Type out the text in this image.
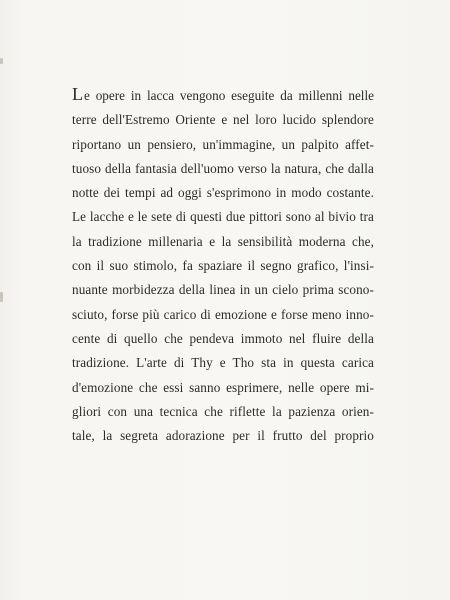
L e opere in lacca vengono eseguite da millenni nelle
terre dell'Estremo Oriente e nel loro lucido splendore
riportano un pensiero, un'immagine, un palpito affet-
tuoso della fantasia dell'uomo verso la natura, che dalla
notte dei tempi ad oggi s'esprimono in modo costante.
Le lacche e le sete di questi due pittori sono al bivio tra
la tradizione millenaria e la sensibilità moderna che,
con il suo stimolo, fa spaziare il segno grafico, l'insi-
nuante morbidezza della linea in un cielo prima scono-
sciuto, forse più carico di emozione e forse meno inno-
cente di quello che pendeva immoto nel fluire della
tradizione. L'arte di Thy e Tho sta in questa carica
d'emozione che essi sanno esprimere, nelle opere mi-
gliori con una tecnica che riflette la pazienza orien-
tale, la segreta adorazione per il frutto del proprio
